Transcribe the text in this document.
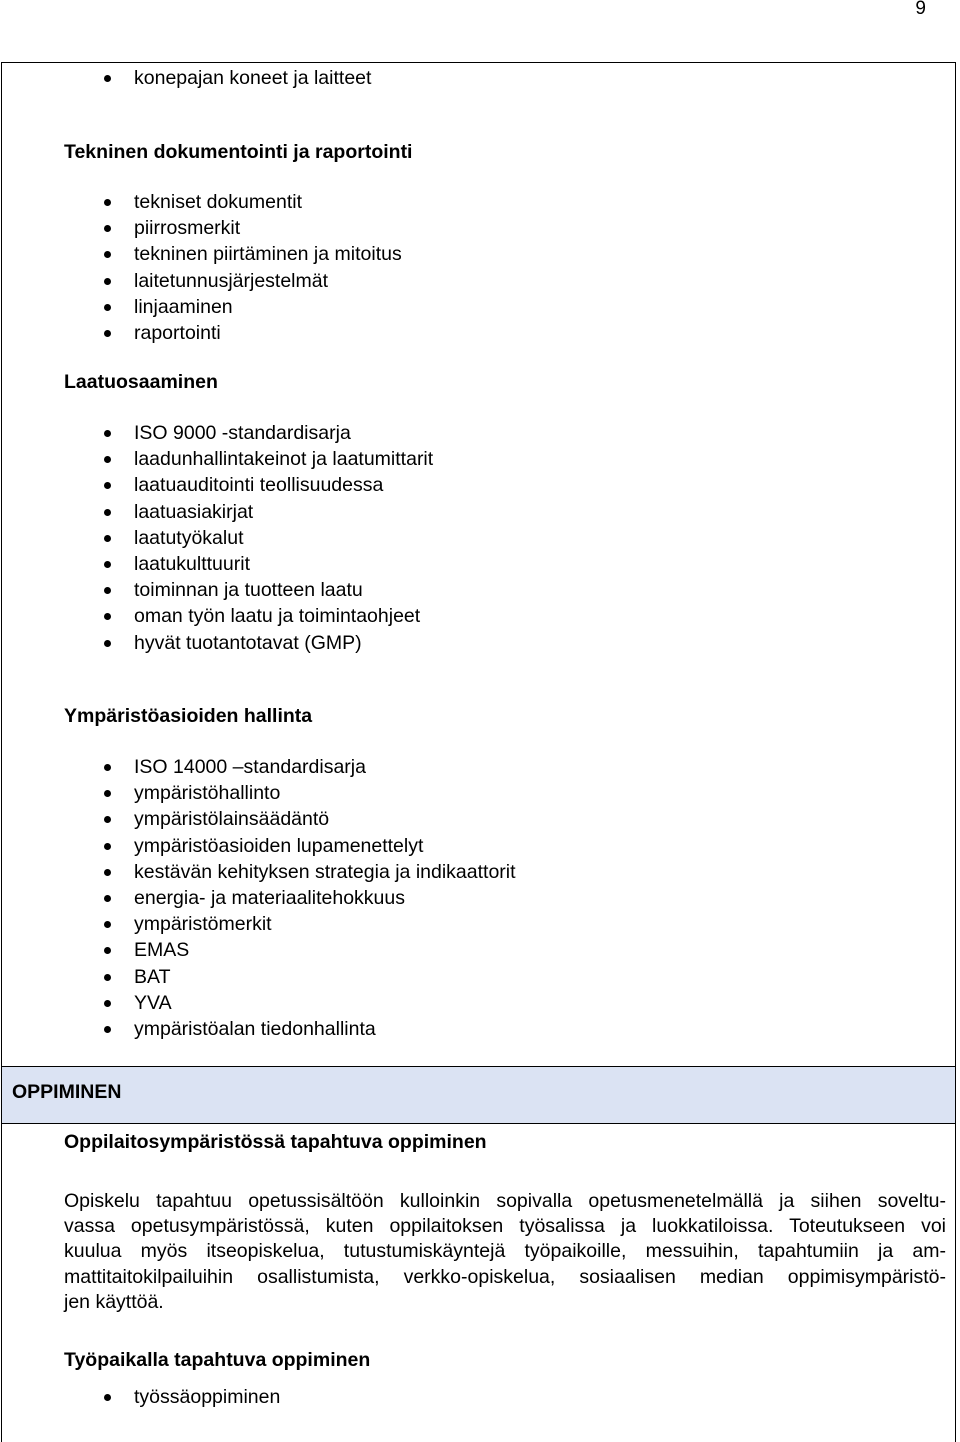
9
konepajan koneet ja laitteet
Tekninen dokumentointi ja raportointi
tekniset dokumentit
piirrosmerkit
tekninen piirtäminen ja mitoitus
laitetunnusjärjestelmät
linjaaminen
raportointi
Laatuosaaminen
ISO 9000 -standardisarja
laadunhallintakeinot ja laatumittarit
laatuauditointi teollisuudessa
laatuasiakirjat
laatutyökalut
laatukulttuurit
toiminnan ja tuotteen laatu
oman työn laatu ja toimintaohjeet
hyvät tuotantotavat (GMP)
Ympäristöasioiden hallinta
ISO 14000 –standardisarja
ympäristöhallinto
ympäristölainsäädäntö
ympäristöasioiden lupamenettelyt
kestävän kehityksen strategia ja indikaattorit
energia- ja materiaalitehokkuus
ympäristömerkit
EMAS
BAT
YVA
ympäristöalan tiedonhallinta
OPPIMINEN
Oppilaitosympäristössä tapahtuva oppiminen
Opiskelu tapahtuu opetussisältöön kulloinkin sopivalla opetusmenetelmällä ja siihen soveltu-
vassa opetusympäristössä, kuten oppilaitoksen työsalissa ja luokkatiloissa. Toteutukseen voi
kuulua myös itseopiskelua, tutustumiskäyntejä työpaikoille, messuihin, tapahtumiin ja am-
mattitaitokilpailuihin osallistumista, verkko-opiskelua, sosiaalisen median oppimisympäristö-
jen käyttöä.
Työpaikalla tapahtuva oppiminen
työssäoppiminen
